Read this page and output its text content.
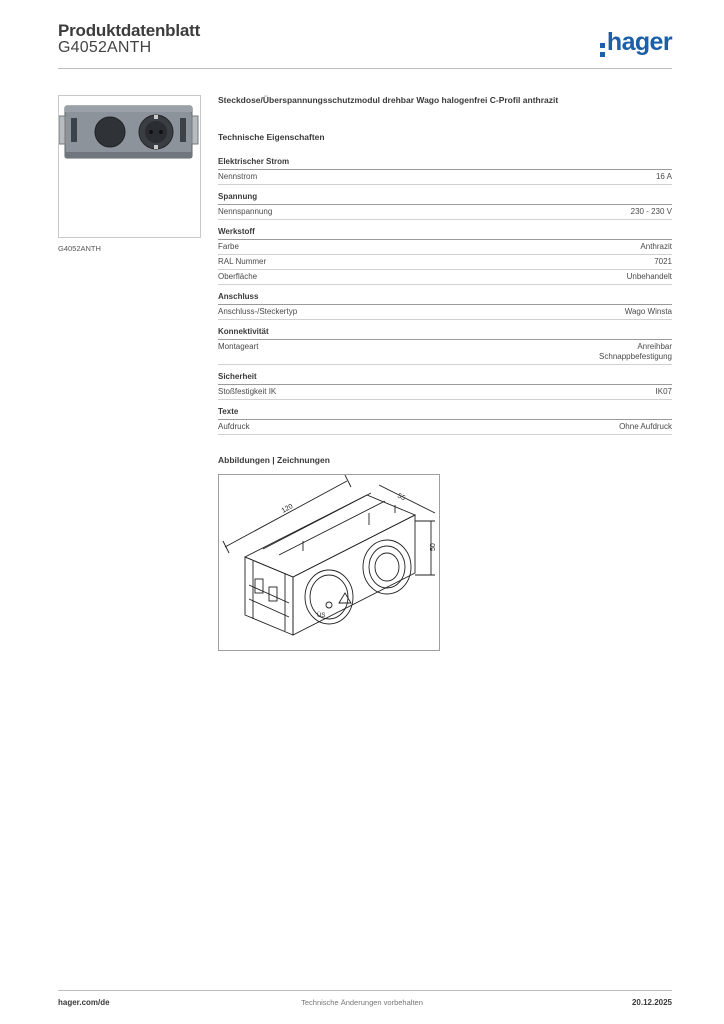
Produktdatenblatt
G4052ANTH	hager
G4052ANTH
Steckdose/Überspannungsschutzmodul drehbar Wago halogenfrei C-Profil anthrazit
Technische Eigenschaften
Elektrischer Strom
Nennstrom	16 A
Spannung
Nennspannung	230 - 230 V
Werkstoff
Farbe	Anthrazit
RAL Nummer	7021
Oberfläche	Unbehandelt
Anschluss
Anschluss-/Steckertyp	Wago Winsta
Konnektivität
Montageart	Anreihbar
Schnappbefestigung
Sicherheit
Stoßfestigkeit IK	IK07
Texte
Aufdruck	Ohne Aufdruck
Abbildungen | Zeichnungen
120
55
50
ÜS
hager.com/de	Technische Änderungen vorbehalten	20.12.2025
